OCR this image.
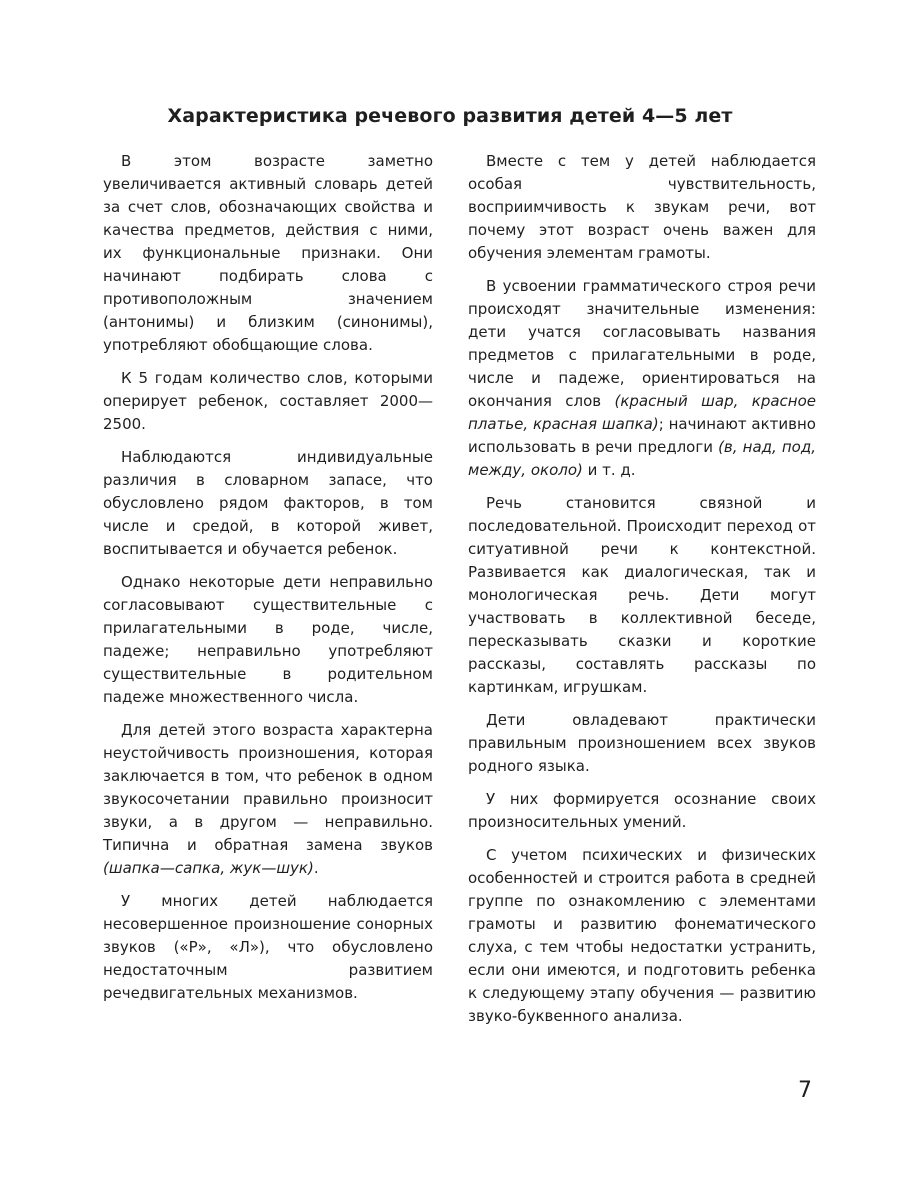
Характеристика речевого развития детей 4—5 лет

В этом возрасте заметно увеличивается активный словарь детей за счет слов, обозначающих свойства и качества предметов, действия с ними, их функциональные признаки. Они начинают подбирать слова с противоположным значением (антонимы) и близким (синонимы), употребляют обобщающие слова.

К 5 годам количество слов, которыми оперирует ребенок, составляет 2000—2500.

Наблюдаются индивидуальные различия в словарном запасе, что обусловлено рядом факторов, в том числе и средой, в которой живет, воспитывается и обучается ребенок.

Однако некоторые дети неправильно согласовывают существительные с прилагательными в роде, числе, падеже; неправильно употребляют существительные в родительном падеже множественного числа.

Для детей этого возраста характерна неустойчивость произношения, которая заключается в том, что ребенок в одном звукосочетании правильно произносит звуки, а в другом — неправильно. Типична и обратная замена звуков (шапка—сапка, жук—шук).

У многих детей наблюдается несовершенное произношение сонорных звуков («Р», «Л»), что обусловлено недостаточным развитием речедвигательных механизмов.

Вместе с тем у детей наблюдается особая чувствительность, восприимчивость к звукам речи, вот почему этот возраст очень важен для обучения элементам грамоты.

В усвоении грамматического строя речи происходят значительные изменения: дети учатся согласовывать названия предметов с прилагательными в роде, числе и падеже, ориентироваться на окончания слов (красный шар, красное платье, красная шапка); начинают активно использовать в речи предлоги (в, над, под, между, около) и т. д.

Речь становится связной и последовательной. Происходит переход от ситуативной речи к контекстной. Развивается как диалогическая, так и монологическая речь. Дети могут участвовать в коллективной беседе, пересказывать сказки и короткие рассказы, составлять рассказы по картинкам, игрушкам.

Дети овладевают практически правильным произношением всех звуков родного языка.

У них формируется осознание своих произносительных умений.

С учетом психических и физических особенностей и строится работа в средней группе по ознакомлению с элементами грамоты и развитию фонематического слуха, с тем чтобы недостатки устранить, если они имеются, и подготовить ребенка к следующему этапу обучения — развитию звуко-буквенного анализа.

7
